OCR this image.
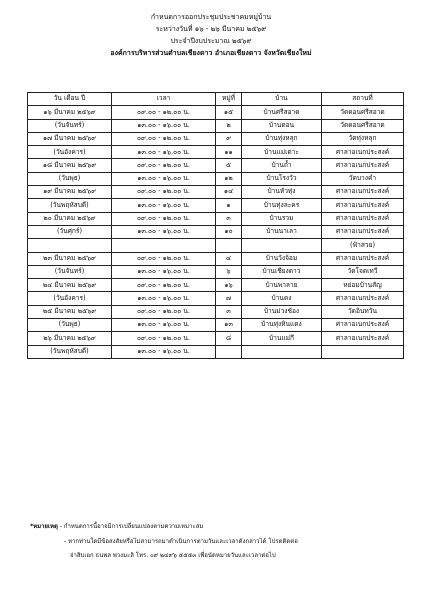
กำหนดการออกประชุมประชาคมหมู่บ้าน
ระหว่างวันที่ ๑๖ - ๒๖ มีนาคม ๒๕๖๙
ประจำปีงบประมาณ ๒๕๖๙
องค์การบริหารส่วนตำบลเชียงดาว อำเภอเชียงดาว จังหวัดเชียงใหม่
วัน เดือน ปี	เวลา	หมู่ที่	บ้าน	สถานที่
๑๖ มีนาคม ๒๕๖๙	๐๙.๐๐ - ๑๒.๐๐ น.	๑๕	บ้านศรีสอาด	วัดดอนศรีสอาด
(วันจันทร์)	๑๓.๐๐ - ๑๖.๐๐ น.	๒	บ้านดอน	วัดดอนศรีสอาด
๑๗ มีนาคม ๒๕๖๙	๐๙.๐๐ - ๑๒.๐๐ น.	๙	บ้านทุ่งหลุก	วัดทุ่งหลุก
(วันอังคาร)	๑๓.๐๐ - ๑๖.๐๐ น.	๑๑	บ้านแม่เตาะ	ศาลาอเนกประสงค์
๑๘ มีนาคม ๒๕๖๙	๐๙.๐๐ - ๑๒.๐๐ น.	๕	บ้านถ้ำ	ศาลาอเนกประสงค์
(วันพุธ)	๑๓.๐๐ - ๑๖.๐๐ น.	๑๒	บ้านโรงวัว	วัดบางคำ
๑๙ มีนาคม ๒๕๖๙	๐๙.๐๐ - ๑๒.๐๐ น.	๑๔	บ้านหัวทุ่ง	ศาลาอเนกประสงค์
(วันพฤหัสบดี)	๑๓.๐๐ - ๑๖.๐๐ น.	๑	บ้านทุ่งละคร	ศาลาอเนกประสงค์
๒๐ มีนาคม ๒๕๖๙	๐๙.๐๐ - ๑๒.๐๐ น.	๓	บ้านรวม	ศาลาอเนกประสงค์
(วันศุกร์)	๑๓.๐๐ - ๑๖.๐๐ น.	๑๐	บ้านนาเลา	ศาลาอเนกประสงค์
				(ฟ้าสวย)
๒๓ มีนาคม ๒๕๖๙	๐๙.๐๐ - ๑๒.๐๐ น.	๔	บ้านวังจ้อม	ศาลาอเนกประสงค์
(วันจันทร์)	๑๓.๐๐ - ๑๖.๐๐ น.	๖	บ้านเชียงดาว	วัดโจดเทวี
๒๔ มีนาคม ๒๕๖๙	๐๙.๐๐ - ๑๒.๐๐ น.	๑๖	บ้านพาลาย	หย่อมบ้านสัญ
(วันอังคาร)	๑๓.๐๐ - ๑๖.๐๐ น.	๗	บ้านดง	ศาลาอเนกประสงค์
๒๕ มีนาคม ๒๕๖๙	๐๙.๐๐ - ๑๒.๐๐ น.	๓	บ้านม่วงช้อง	วัดอินทวัน
(วันพุธ)	๑๓.๐๐ - ๑๖.๐๐ น.	๑๓	บ้านทุ่งหินแดง	ศาลาอเนกประสงค์
๒๖ มีนาคม ๒๕๖๙	๐๙.๐๐ - ๑๒.๐๐ น.	๘	บ้านแม่กึ	ศาลาอเนกประสงค์
(วันพฤหัสบดี)	๑๓.๐๐ - ๑๖.๐๐ น.			
*หมายเหตุ - กำหนดการนี้อาจมีการเปลี่ยนแปลงตามความเหมาะสม
- หากท่านใดมีข้อสงสัยหรือไม่สามารถมาดำเนินการตามวันและเวลาดังกล่าวได้ โปรดติดต่อ
จ่าสิบเอก ธนพล พวงมะลิ โทร. ๐๙ ๒๔๙๖ ๕๕๕๓ เพื่อนัดหมายวันและเวลาต่อไป
